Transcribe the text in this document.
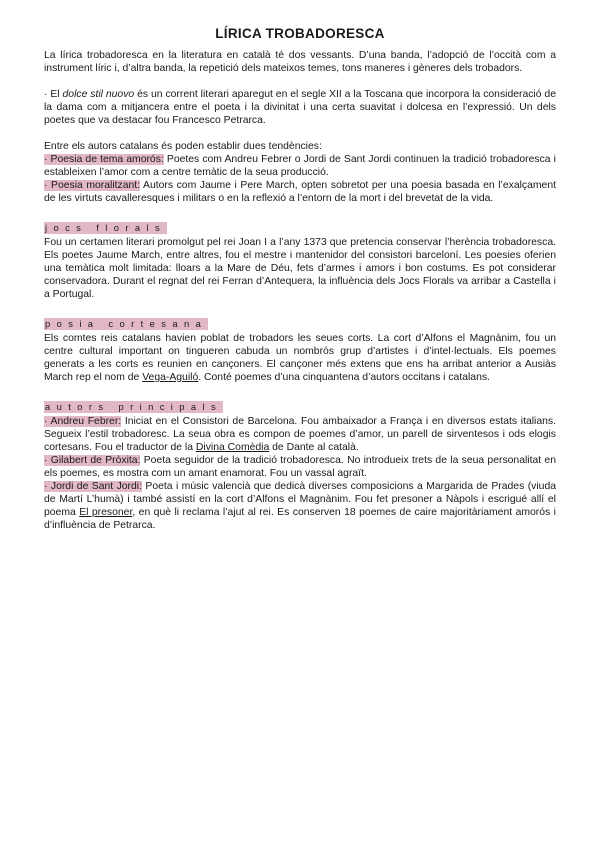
LÍRICA TROBADORESCA

La lírica trobadoresca en la literatura en català té dos vessants. D’una banda, l’adopció de l’occità com a instrument líric i, d’altra banda, la repetició dels mateixos temes, tons maneres i gèneres dels trobadors.

· El dolce stil nuovo és un corrent literari aparegut en el segle XII a la Toscana que incorpora la consideració de la dama com a mitjancera entre el poeta i la divinitat i una certa suavitat i dolcesa en l’expressió. Un dels poetes que va destacar fou Francesco Petrarca.

Entre els autors catalans és poden establir dues tendències:

· Poesia de tema amorós: Poetes com Andreu Febrer o Jordi de Sant Jordi continuen la tradició trobadoresca i estableixen l’amor com a centre temàtic de la seua producció.

· Poesia moralitzant: Autors com Jaume i Pere March, opten sobretot per una poesia basada en l’exalçament de les virtuts cavalleresques i militars o en la reflexió a l’entorn de la mort i del brevetat de la vida.

jocs florals

Fou un certamen literari promolgut pel rei Joan I a l’any 1373 que pretencia conservar l’herència trobadoresca. Els poetes Jaume March, entre altres, fou el mestre i mantenidor del consistori barceloní. Les poesies oferien una temàtica molt limitada: lloars a la Mare de Déu, fets d’armes i amors i bon costums. Es pot considerar conservadora. Durant el regnat del rei Ferran d’Antequera, la influència dels Jocs Florals va arribar a Castella i a Portugal.

posia cortesana

Els comtes reis catalans havien poblat de trobadors les seues corts. La cort d’Alfons el Magnànim, fou un centre cultural important on tingueren cabuda un nombrós grup d’artistes i d’intel·lectuals. Els poemes generats a les corts es reunien en cançoners. El cançoner més extens que ens ha arribat anterior a Ausiàs March rep el nom de Vega-Aguiló. Conté poemes d’una cinquantena d’autors occitans i catalans.

autors principals

· Andreu Febrer: Iniciat en el Consistori de Barcelona. Fou ambaixador a França i en diversos estats italians. Segueix l’estil trobadoresc. La seua obra es compon de poemes d’amor, un parell de sirventesos i ods elogis cortesans. Fou el traductor de la Divina Comèdia de Dante al català.

· Gilabert de Pròxita: Poeta seguidor de la tradició trobadoresca. No introdueix trets de la seua personalitat en els poemes, es mostra com un amant enamorat. Fou un vassal agraït.

· Jordi de Sant Jordi: Poeta i músic valencià que dedicà diverses composicions a Margarida de Prades (viuda de Martí L’humà) i també assistí en la cort d’Alfons el Magnànim. Fou fet presoner a Nàpols i escrigué allí el poema El presoner, en què li reclama l’ajut al rei. Es conserven 18 poemes de caire majoritàriament amorós i d’influència de Petrarca.
